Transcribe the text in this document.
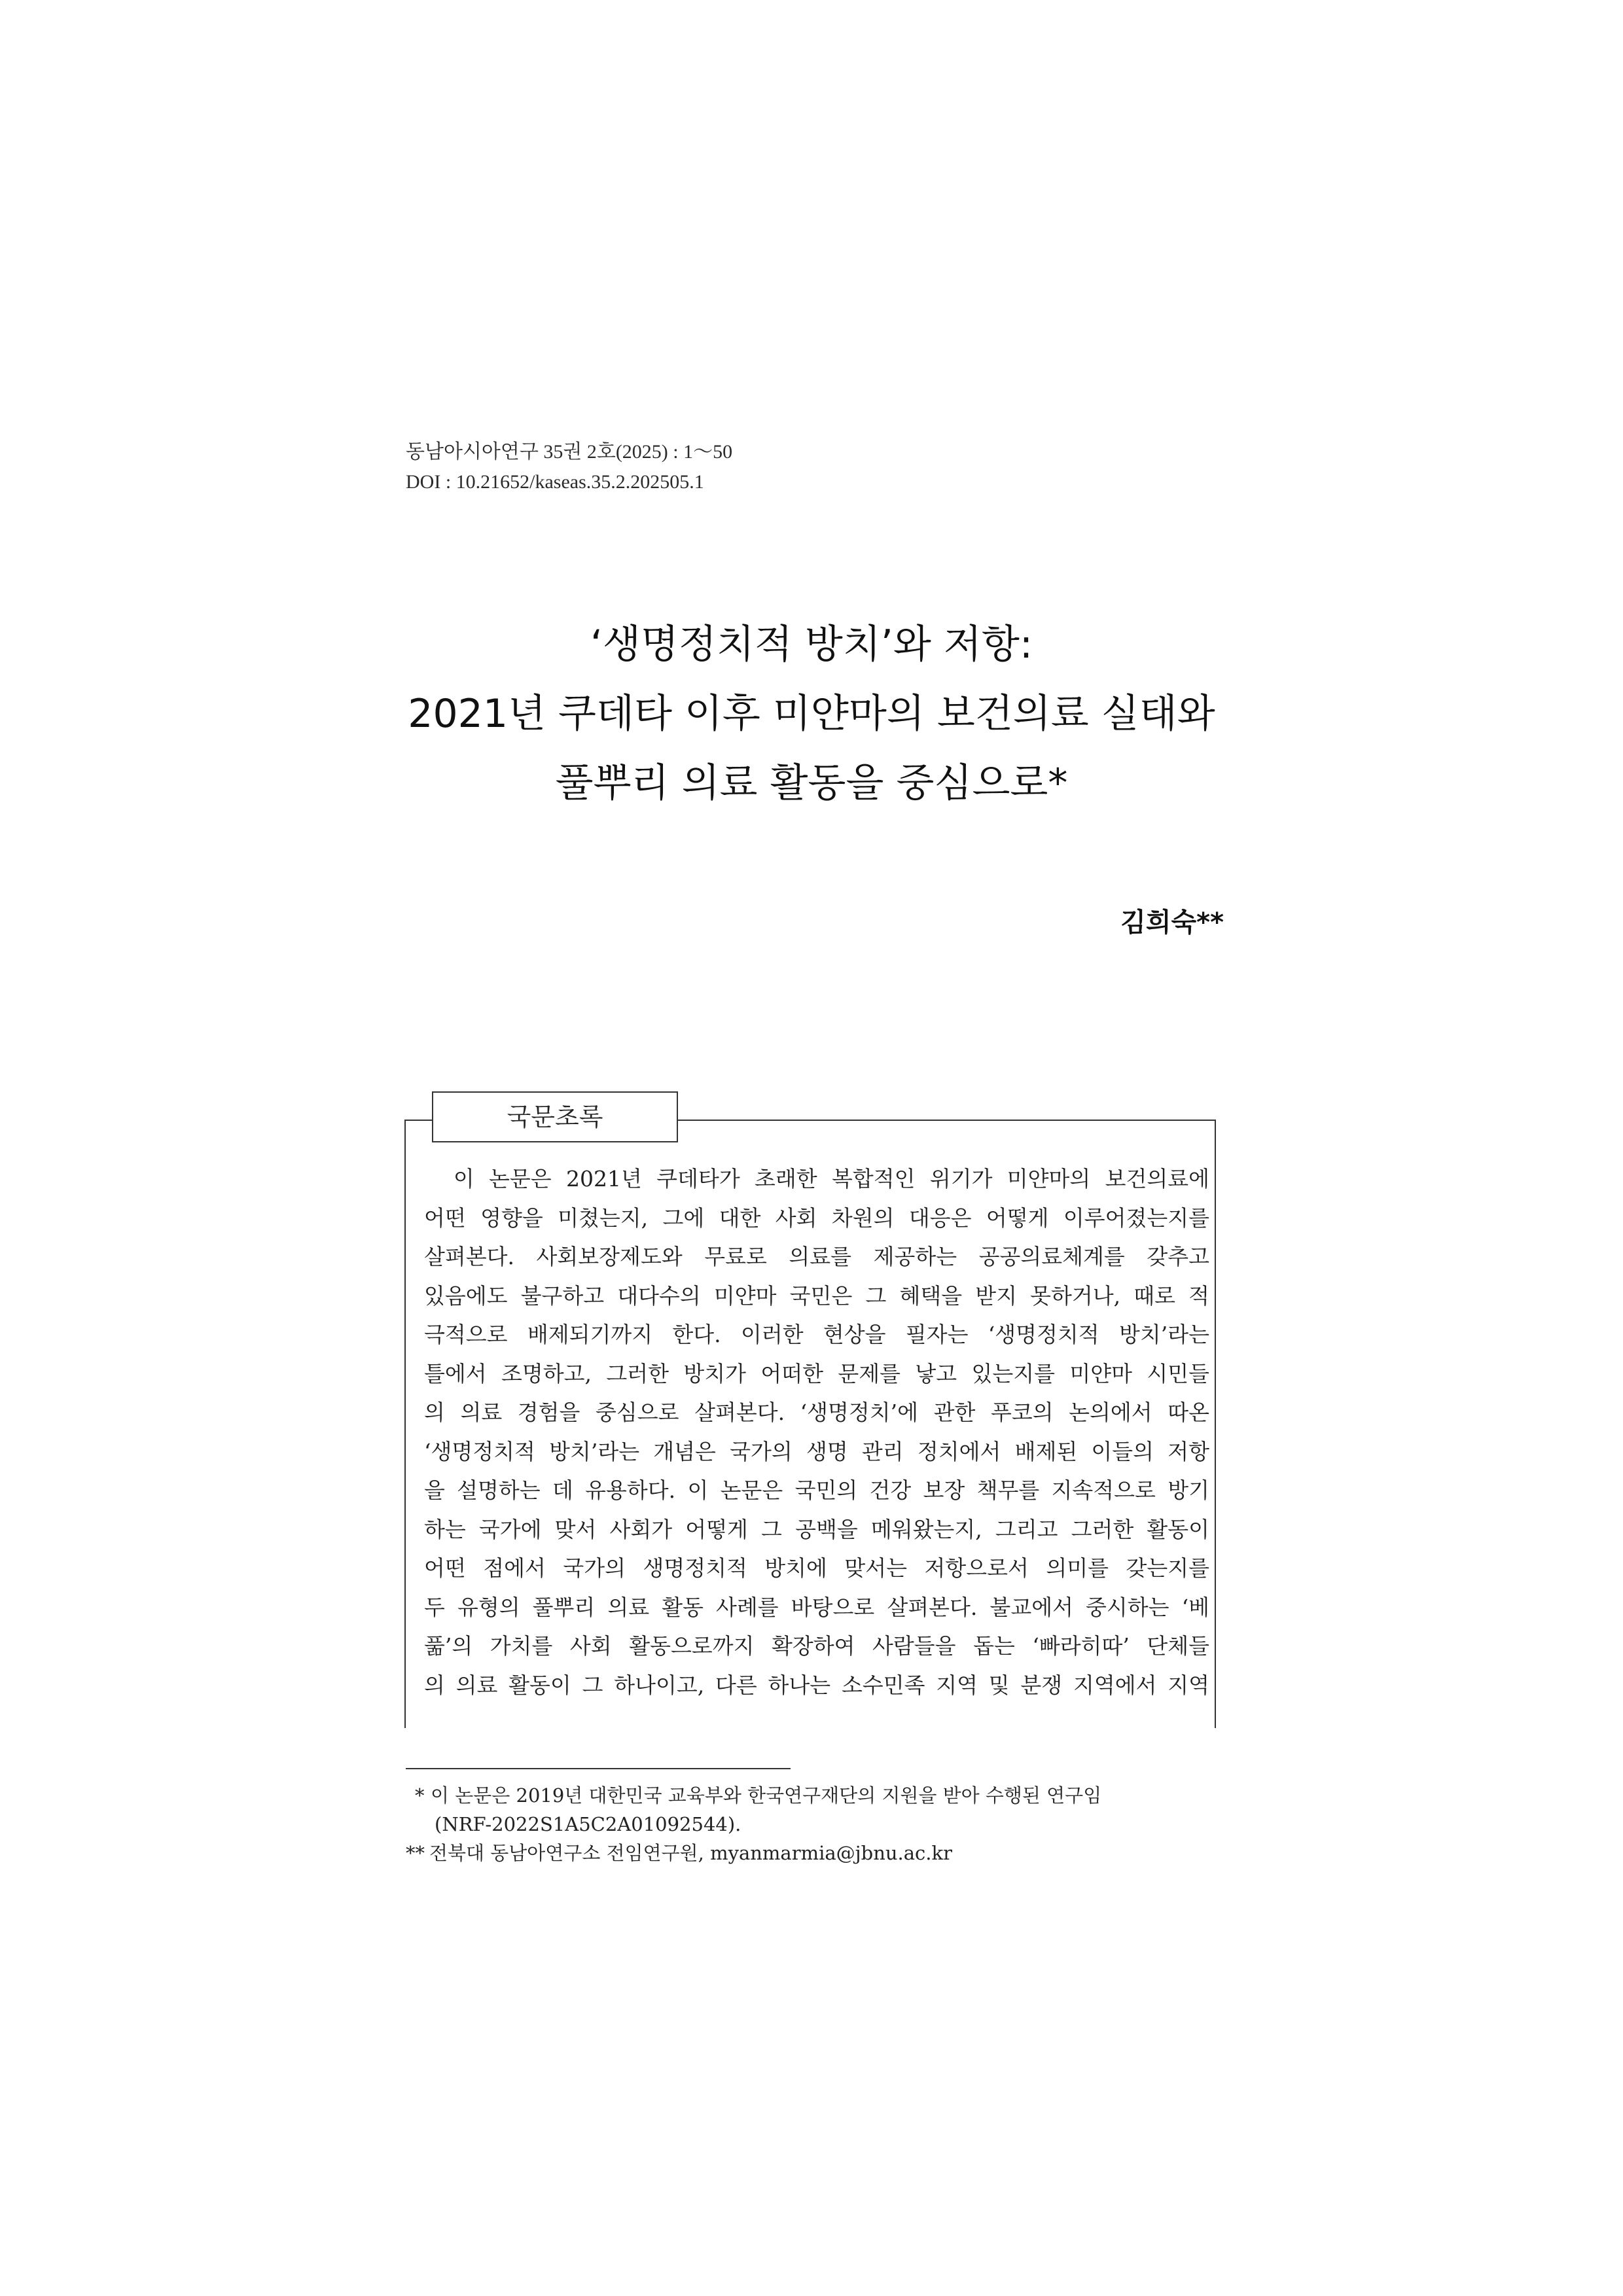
동남아시아연구 35권 2호(2025) : 1～50
DOI : 10.21652/kaseas.35.2.202505.1
‘생명정치적 방치’와 저항:
2021년 쿠데타 이후 미얀마의 보건의료 실태와
풀뿌리 의료 활동을 중심으로*
김희숙**
국문초록
　이 논문은 2021년 쿠데타가 초래한 복합적인 위기가 미얀마의 보건의료에
어떤 영향을 미쳤는지, 그에 대한 사회 차원의 대응은 어떻게 이루어졌는지를
살펴본다. 사회보장제도와 무료로 의료를 제공하는 공공의료체계를 갖추고
있음에도 불구하고 대다수의 미얀마 국민은 그 혜택을 받지 못하거나, 때로 적
극적으로 배제되기까지 한다. 이러한 현상을 필자는 ‘생명정치적 방치’라는
틀에서 조명하고, 그러한 방치가 어떠한 문제를 낳고 있는지를 미얀마 시민들
의 의료 경험을 중심으로 살펴본다. ‘생명정치’에 관한 푸코의 논의에서 따온
‘생명정치적 방치’라는 개념은 국가의 생명 관리 정치에서 배제된 이들의 저항
을 설명하는 데 유용하다. 이 논문은 국민의 건강 보장 책무를 지속적으로 방기
하는 국가에 맞서 사회가 어떻게 그 공백을 메워왔는지, 그리고 그러한 활동이
어떤 점에서 국가의 생명정치적 방치에 맞서는 저항으로서 의미를 갖는지를
두 유형의 풀뿌리 의료 활동 사례를 바탕으로 살펴본다. 불교에서 중시하는 ‘베
풂’의 가치를 사회 활동으로까지 확장하여 사람들을 돕는 ‘빠라히따’ 단체들
의 의료 활동이 그 하나이고, 다른 하나는 소수민족 지역 및 분쟁 지역에서 지역
* 이 논문은 2019년 대한민국 교육부와 한국연구재단의 지원을 받아 수행된 연구임
(NRF-2022S1A5C2A01092544).
** 전북대 동남아연구소 전임연구원, myanmarmia@jbnu.ac.kr
